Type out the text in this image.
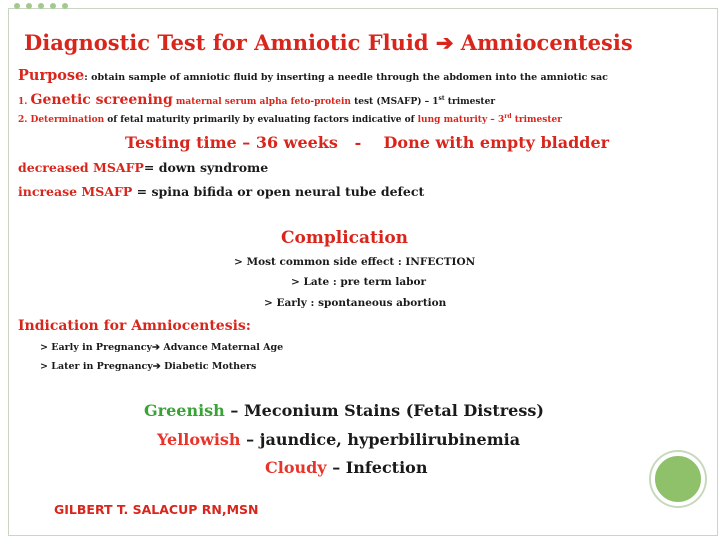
Diagnostic Test for Amniotic Fluid ➔ Amniocentesis
Purpose: obtain sample of amniotic fluid by inserting a needle through the abdomen into the amniotic sac
1. Genetic screening maternal serum alpha feto-protein test (MSAFP) – 1st trimester
2. Determination of fetal maturity primarily by evaluating factors indicative of lung maturity – 3rd trimester
Testing time – 36 weeks   -    Done with empty bladder
decreased MSAFP= down syndrome
increase MSAFP = spina bifida or open neural tube defect
Complication
> Most common side effect : INFECTION
> Late : pre term labor
> Early : spontaneous abortion
Indication for Amniocentesis:
> Early in Pregnancy➔ Advance Maternal Age
> Later in Pregnancy➔ Diabetic Mothers
Greenish – Meconium Stains (Fetal Distress)
Yellowish – jaundice, hyperbilirubinemia
Cloudy – Infection
GILBERT T. SALACUP RN,MSN
